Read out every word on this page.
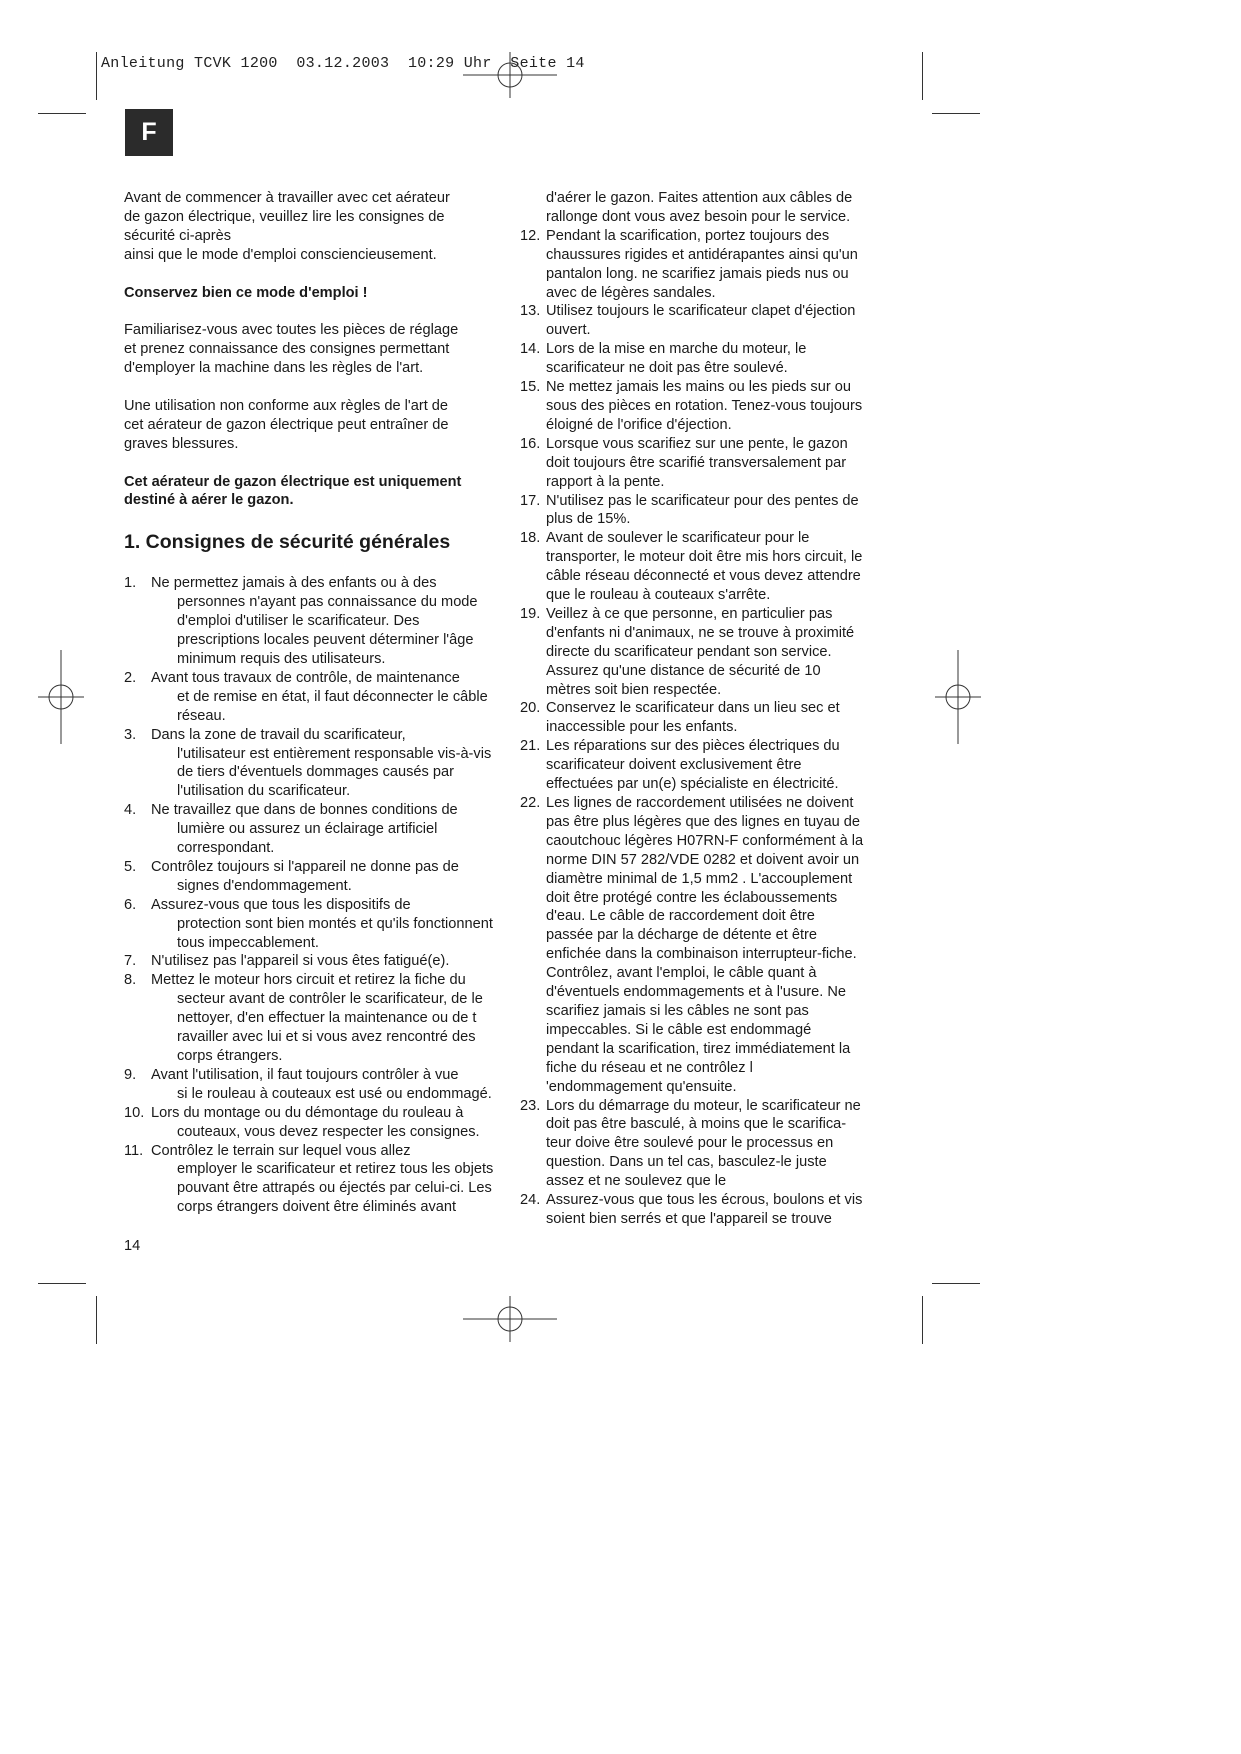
Anleitung TCVK 1200  03.12.2003  10:29 Uhr  Seite 14
F

Avant de commencer à travailler avec cet aérateur
de gazon électrique, veuillez lire les consignes de
sécurité ci-après
ainsi que le mode d'emploi consciencieusement.

Conservez bien ce mode d'emploi !

Familiarisez-vous avec toutes les pièces de réglage
et prenez connaissance des consignes permettant
d'employer la machine dans les règles de l'art.

Une utilisation non conforme aux règles de l'art de
cet aérateur de gazon électrique peut entraîner de
graves blessures.

Cet aérateur de gazon électrique est uniquement
destiné à aérer le gazon.

1. Consignes de sécurité générales
1. Ne permettez jamais à des enfants ou à des
personnes n'ayant pas connaissance du mode
d'emploi d'utiliser le scarificateur. Des
prescriptions locales peuvent déterminer l'âge
minimum requis des utilisateurs.
2. Avant tous travaux de contrôle, de maintenance
et de remise en état, il faut déconnecter le câble
réseau.
3. Dans la zone de travail du scarificateur,
l'utilisateur est entièrement responsable vis-à-vis
de tiers d'éventuels dommages causés par
l'utilisation du scarificateur.
4. Ne travaillez que dans de bonnes conditions de
lumière ou assurez un éclairage artificiel
correspondant.
5. Contrôlez toujours si l'appareil ne donne pas de
signes d'endommagement.
6. Assurez-vous que tous les dispositifs de
protection sont bien montés et qu'ils fonctionnent
tous impeccablement.
7. N'utilisez pas l'appareil si vous êtes fatigué(e).
8. Mettez le moteur hors circuit et retirez la fiche du
secteur avant de contrôler le scarificateur, de le
nettoyer, d'en effectuer la maintenance ou de t
ravailler avec lui et si vous avez rencontré des
corps étrangers.
9. Avant l'utilisation, il faut toujours contrôler à vue
si le rouleau à couteaux est usé ou endommagé.
10. Lors du montage ou du démontage du rouleau à
couteaux, vous devez respecter les consignes.
11. Contrôlez le terrain sur lequel vous allez
employer le scarificateur et retirez tous les objets
pouvant être attrapés ou éjectés par celui-ci. Les
corps étrangers doivent être éliminés avant

d'aérer le gazon. Faites attention aux câbles de
rallonge dont vous avez besoin pour le service.

12. Pendant la scarification, portez toujours des
chaussures rigides et antidérapantes ainsi qu'un
pantalon long. ne scarifiez jamais pieds nus ou
avec de légères sandales.
13. Utilisez toujours le scarificateur clapet d'éjection
ouvert.
14. Lors de la mise en marche du moteur, le
scarificateur ne doit pas être soulevé.
15. Ne mettez jamais les mains ou les pieds sur ou
sous des pièces en rotation. Tenez-vous toujours
éloigné de l'orifice d'éjection.
16. Lorsque vous scarifiez sur une pente, le gazon
doit toujours être scarifié transversalement par
rapport à la pente.
17. N'utilisez pas le scarificateur pour des pentes de
plus de 15%.
18. Avant de soulever le scarificateur pour le
transporter, le moteur doit être mis hors circuit, le
câble réseau déconnecté et vous devez attendre
que le rouleau à couteaux s'arrête.
19. Veillez à ce que personne, en particulier pas
d'enfants ni d'animaux, ne se trouve à proximité
directe du scarificateur pendant son service.
Assurez qu'une distance de sécurité de 10
mètres soit bien respectée.
20. Conservez le scarificateur dans un lieu sec et
inaccessible pour les enfants.
21. Les réparations sur des pièces électriques du
scarificateur doivent exclusivement être
effectuées par un(e) spécialiste en électricité.
22. Les lignes de raccordement utilisées ne doivent
pas être plus légères que des lignes en tuyau de
caoutchouc légères H07RN-F conformément à la
norme DIN 57 282/VDE 0282 et doivent avoir un
diamètre minimal de 1,5 mm2 . L'accouplement
doit être protégé contre les éclaboussements
d'eau. Le câble de raccordement doit être
passée par la décharge de détente et être
enfichée dans la combinaison interrupteur-fiche.
Contrôlez, avant l'emploi, le câble quant à
d'éventuels endommagements et à l'usure. Ne
scarifiez jamais si les câbles ne sont pas
impeccables. Si le câble est endommagé
pendant la scarification, tirez immédiatement la
fiche du réseau et ne contrôlez l
'endommagement qu'ensuite.
23. Lors du démarrage du moteur, le scarificateur ne
doit pas être basculé, à moins que le scarifica-
teur doive être soulevé pour le processus en
question. Dans un tel cas, basculez-le juste
assez et ne soulevez que le
24. Assurez-vous que tous les écrous, boulons et vis
soient bien serrés et que l'appareil se trouve
14
